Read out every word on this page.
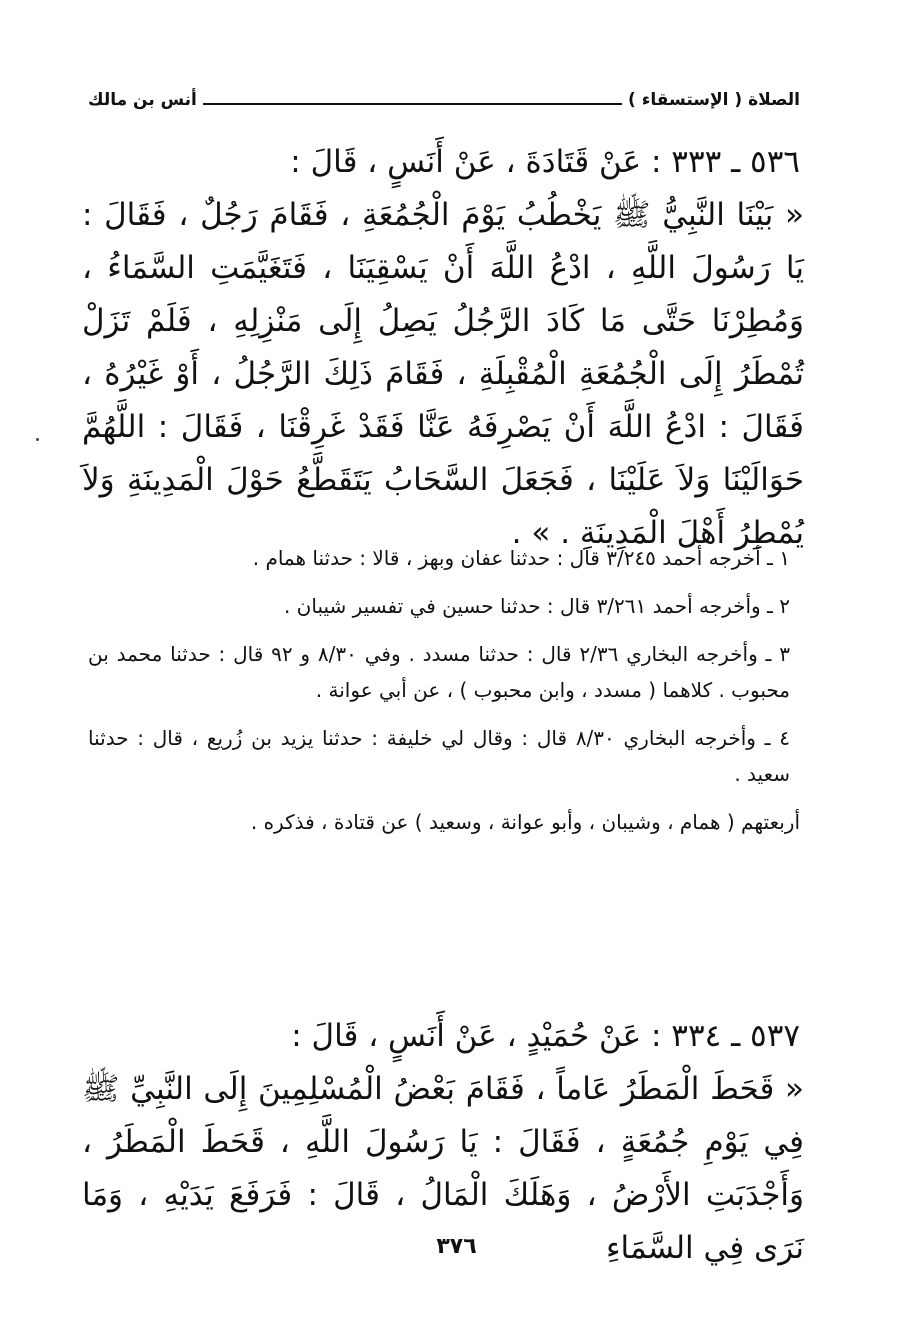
الصلاة ( الإستسقاء )
أنس بن مالك
٥٣٦ ـ ٣٣٣ : عَنْ قَتَادَةَ ، عَنْ أَنَسٍ ، قَالَ :
« بَيْنَا النَّبِيُّ ﷺ يَخْطُبُ يَوْمَ الْجُمُعَةِ ، فَقَامَ رَجُلٌ ، فَقَالَ : يَا رَسُولَ اللَّهِ ، ادْعُ اللَّهَ أَنْ يَسْقِيَنَا ، فَتَغَيَّمَتِ السَّمَاءُ ، وَمُطِرْنَا حَتَّى مَا كَادَ الرَّجُلُ يَصِلُ إِلَى مَنْزِلِهِ ، فَلَمْ تَزَلْ تُمْطَرُ إِلَى الْجُمُعَةِ الْمُقْبِلَةِ ، فَقَامَ ذَلِكَ الرَّجُلُ ، أَوْ غَيْرُهُ ، فَقَالَ : ادْعُ اللَّهَ أَنْ يَصْرِفَهُ عَنَّا فَقَدْ غَرِقْنَا ، فَقَالَ : اللَّهُمَّ حَوَالَيْنَا وَلاَ عَلَيْنَا ، فَجَعَلَ السَّحَابُ يَتَقَطَّعُ حَوْلَ الْمَدِينَةِ وَلاَ يُمْطِرُ أَهْلَ الْمَدِينَةِ . » .

١ ـ أخرجه أحمد ٣/٢٤٥ قال : حدثنا عفان وبهز ، قالا : حدثنا همام .

٢ ـ وأخرجه أحمد ٣/٢٦١ قال : حدثنا حسين في تفسير شيبان .

٣ ـ وأخرجه البخاري ٢/٣٦ قال : حدثنا مسدد . وفي ٨/٣٠ و ٩٢ قال : حدثنا محمد بن محبوب . كلاهما ( مسدد ، وابن محبوب ) ، عن أبي عوانة .

٤ ـ وأخرجه البخاري ٨/٣٠ قال : وقال لي خليفة : حدثنا يزيد بن زُريع ، قال : حدثنا سعيد .

أربعتهم ( همام ، وشيبان ، وأبو عوانة ، وسعيد ) عن قتادة ، فذكره .

٥٣٧ ـ ٣٣٤ : عَنْ حُمَيْدٍ ، عَنْ أَنَسٍ ، قَالَ :
« قَحَطَ الْمَطَرُ عَاماً ، فَقَامَ بَعْضُ الْمُسْلِمِينَ إِلَى النَّبِيِّ ﷺ فِي يَوْمِ جُمُعَةٍ ، فَقَالَ : يَا رَسُولَ اللَّهِ ، قَحَطَ الْمَطَرُ ، وَأَجْدَبَتِ الأَرْضُ ، وَهَلَكَ الْمَالُ ، قَالَ : فَرَفَعَ يَدَيْهِ ، وَمَا نَرَى فِي السَّمَاءِ
٣٧٦
